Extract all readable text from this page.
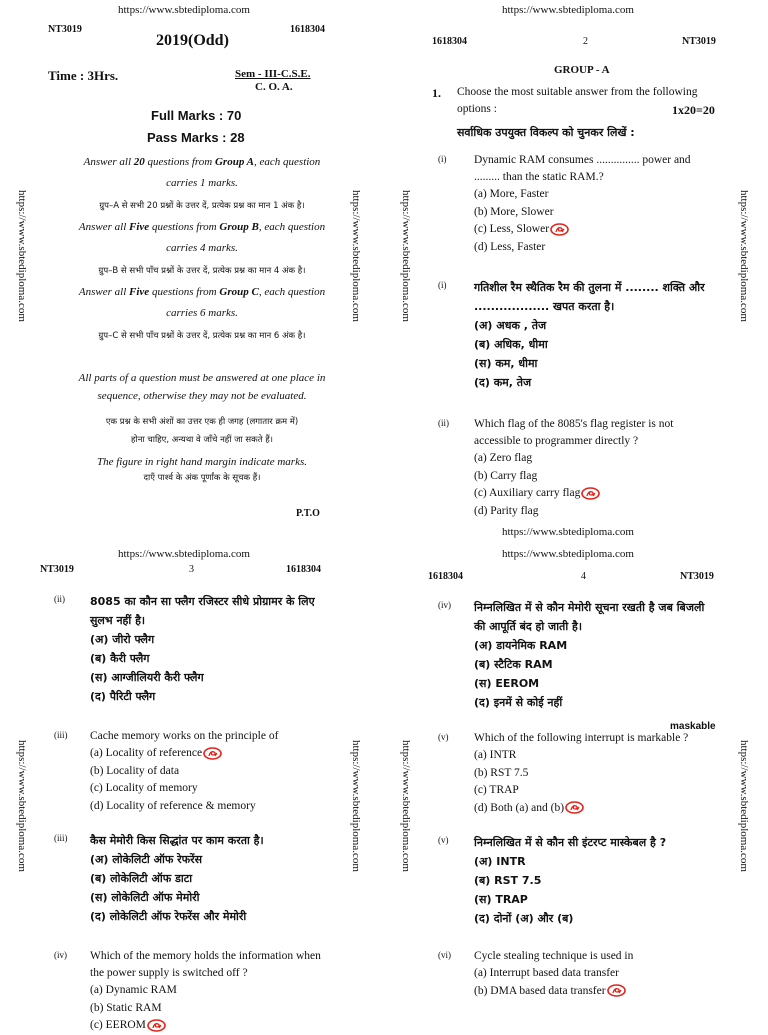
https://www.sbtediploma.com
NT3019	1618304
2019(Odd)
Time : 3Hrs.	Sem - III-C.S.E.
C. O. A.
Full Marks : 70
Pass Marks : 28
Answer all 20 questions from Group A, each question
carries 1 marks.
ग्रुप–A से सभी 20 प्रश्नों के उत्तर दें, प्रत्येक प्रश्न का मान 1 अंक है।
Answer all Five questions from Group B, each question
carries 4 marks.
ग्रुप–B से सभी पाँच प्रश्नों के उत्तर दें, प्रत्येक प्रश्न का मान 4 अंक है।
Answer all Five questions from Group C, each question
carries 6 marks.
ग्रुप–C से सभी पाँच प्रश्नों के उत्तर दें, प्रत्येक प्रश्न का मान 6 अंक है।
All parts of a question must be answered at one place in
sequence, otherwise they may not be evaluated.
एक प्रश्न के सभी अंशों का उत्तर एक ही जगह (लगातार क्रम में)
होना चाहिए, अन्यथा वे जाँचे नहीं जा सकते हैं।
The figure in right hand margin indicate marks.
दाएँ पार्श्व के अंक पूर्णांक के सूचक हैं।
P.T.O
https://www.sbtediploma.com	https://www.sbtediploma.com
https://www.sbtediploma.com
1618304	2	NT3019
GROUP - A
1. Choose the most suitable answer from the following
options :	1x20=20
सर्वाधिक उपयुक्त विकल्प को चुनकर लिखें :
(i) Dynamic RAM consumes ............... power and ......... than the static RAM.?
(a) More, Faster
(b) More, Slower
(c) Less, Slower
(d) Less, Faster
(i)	गतिशील रैम स्थैतिक रैम की तुलना में ........ शक्ति और .................. खपत करता है।
(अ) अधक , तेज
(ब) अधिक, धीमा
(स) कम, धीमा
(द) कम, तेज
(ii) Which flag of the 8085's flag register is not accessible to programmer directly ?
(a) Zero flag
(b) Carry flag
(c) Auxiliary carry flag
(d) Parity flag
https://www.sbtediploma.com
https://www.sbtediploma.com	https://www.sbtediploma.com
https://www.sbtediploma.com
NT3019	3	1618304
(ii) 8085 का कौन सा फ्लैग रजिस्टर सीधे प्रोग्रामर के लिए सुलभ नहीं है।
(अ) जीरो फ्लैग
(ब) कैरी फ्लैग
(स) आग्जीलियरी कैरी फ्लैग
(द) पैरिटी फ्लैग
(iii) Cache memory works on the principle of
(a) Locality of reference
(b) Locality of data
(c) Locality of memory
(d) Locality of reference & memory
(iii) कैस मेमोरी किस सिद्धांत पर काम करता है।
(अ) लोकेलिटी ऑफ रेफरेंस
(ब) लोकेलिटी ऑफ डाटा
(स) लोकेलिटी ऑफ मेमोरी
(द) लोकेलिटी ऑफ रेफरेंस और मेमोरी
(iv) Which of the memory holds the information when the power supply is switched off ?
(a) Dynamic RAM
(b) Static RAM
(c) EEROM
https://www.sbtediploma.com	https://www.sbtediploma.com
https://www.sbtediploma.com
1618304	4	NT3019
maskable
(iv) निम्नलिखित में से कौन मेमोरी सूचना रखती है जब बिजली की आपूर्ति बंद हो जाती है।
(अ) डायनेमिक RAM
(ब) स्टैटिक RAM
(स) EEROM
(द) इनमें से कोई नहीं
(v) Which of the following interrupt is markable ?
(a) INTR
(b) RST 7.5
(c) TRAP
(d) Both (a) and (b)
(v) निम्नलिखित में से कौन सी इंटरप्ट मास्केबल है ?
(अ) INTR
(ब) RST 7.5
(स) TRAP
(द) दोनों (अ) और (ब)
(vi) Cycle stealing technique is used in
(a) Interrupt based data transfer
(b) DMA based data transfer
https://www.sbtediploma.com	https://www.sbtediploma.com
